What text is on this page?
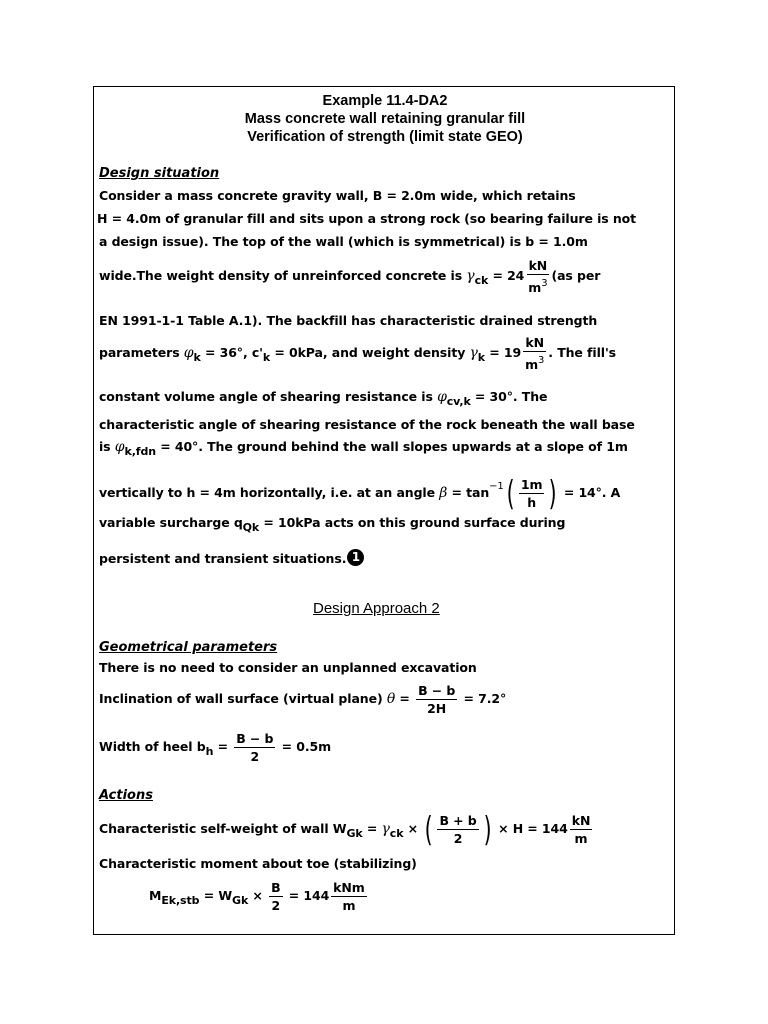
Example 11.4-DA2
Mass concrete wall retaining granular fill
Verification of strength (limit state GEO)
Design situation
Consider a mass concrete gravity wall, B = 2.0m wide, which retains
H = 4.0m of granular fill and sits upon a strong rock (so bearing failure is not
a design issue). The top of the wall (which is symmetrical) is b = 1.0m
wide.The weight density of unreinforced concrete is $\gamma_{ck} = 24 \frac{kN}{m^3} (as$ per
EN 1991-1-1 Table A.1). The backfill has characteristic drained strength
parameters $\varphi_k = 36^\circ$, $c'_k = 0kPa$, and weight density $\gamma_k = 19 \frac{kN}{m^3}$ . The fill's
constant volume angle of shearing resistance is $\varphi_{cv,k} = 30^\circ$. The
characteristic angle of shearing resistance of the rock beneath the wall base
is $\varphi_{k,fdn} = 40^\circ$. The ground behind the wall slopes upwards at a slope of 1m
vertically to h = 4m horizontally, i.e. at an angle $\beta = \tan^{-1}( \frac{1m}{h}$ ) = 14°. A
variable surcharge $q_{Qk} = 10kPa$ acts on this ground surface during
persistent and transient situations. 1
Design Approach 2
Geometrical parameters
There is no need to consider an unplanned excavation
Inclination of wall surface (virtual plane) $\theta = \frac{B - b}{2H} = 7.2^\circ$
Width of heel $b_h = \frac{B - b}{2} = 0.5m$
Actions
Characteristic self-weight of wall $W_{Gk} = \gamma_{ck}$ × ( $\frac{B + b}{2}$ ) × $H = 144 \frac{kN}{m}$
Characteristic moment about toe (stabilizing)
$M_{Ek,stb} = W_{Gk} \times \frac{B}{2} = 144 \frac{\text{kNm}}{m}$
